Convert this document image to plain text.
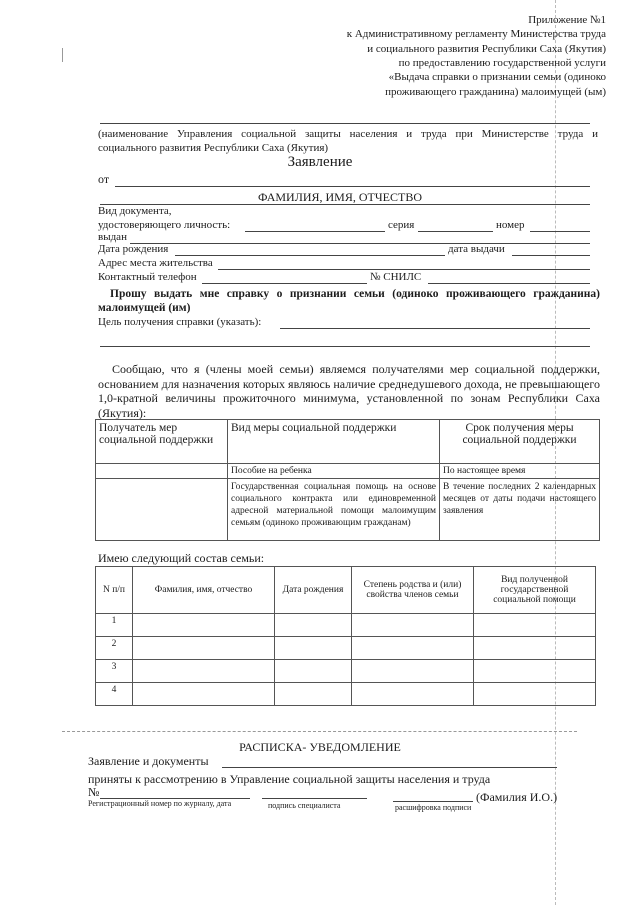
Приложение №1
к Административному регламенту Министерства труда
и социального развития Республики Саха (Якутия)
по предоставлению государственной услуги
«Выдача справки о признании семьи (одиноко
проживающего гражданина) малоимущей (ым)
(наименование Управления социальной защиты населения и труда при Министерстве труда и социального развития Республики Саха (Якутия)
Заявление
от
ФАМИЛИЯ, ИМЯ, ОТЧЕСТВО
Вид документа,
удостоверяющего личность:	серия	номер
выдан
Дата рождения	дата выдачи
Адрес места жительства
Контактный телефон	№ СНИЛС
Прошу выдать мне справку о признании семьи (одиноко проживающего гражданина) малоимущей (им)
Цель получения справки (указать):
Сообщаю, что я (члены моей семьи) являемся получателями мер социальной поддержки, основанием для назначения которых являюсь наличие среднедушевого дохода, не превышающего 1,0-кратной величины прожиточного минимума, установленной по зонам Республики Саха (Якутия):
Получатель мер социальной поддержки	Вид меры социальной поддержки	Срок получения меры социальной поддержки
	Пособие на ребенка	По настоящее время
	Государственная социальная помощь на основе социального контракта или единовременной адресной материальной помощи малоимущим семьям (одиноко проживающим гражданам)	В течение последних 2 календарных месяцев от даты подачи настоящего заявления
Имею следующий состав семьи:
N п/п	Фамилия, имя, отчество	Дата рождения	Степень родства и (или) свойства членов семьи	Вид полученной государственной социальной помощи
1				
2				
3				
4				
РАСПИСКА- УВЕДОМЛЕНИЕ
Заявление и документы
приняты к рассмотрению в Управление социальной защиты населения и труда
№	(Фамилия И.О.)
Регистрационный номер по журналу, дата	подпись специалиста	расшифровка подписи
